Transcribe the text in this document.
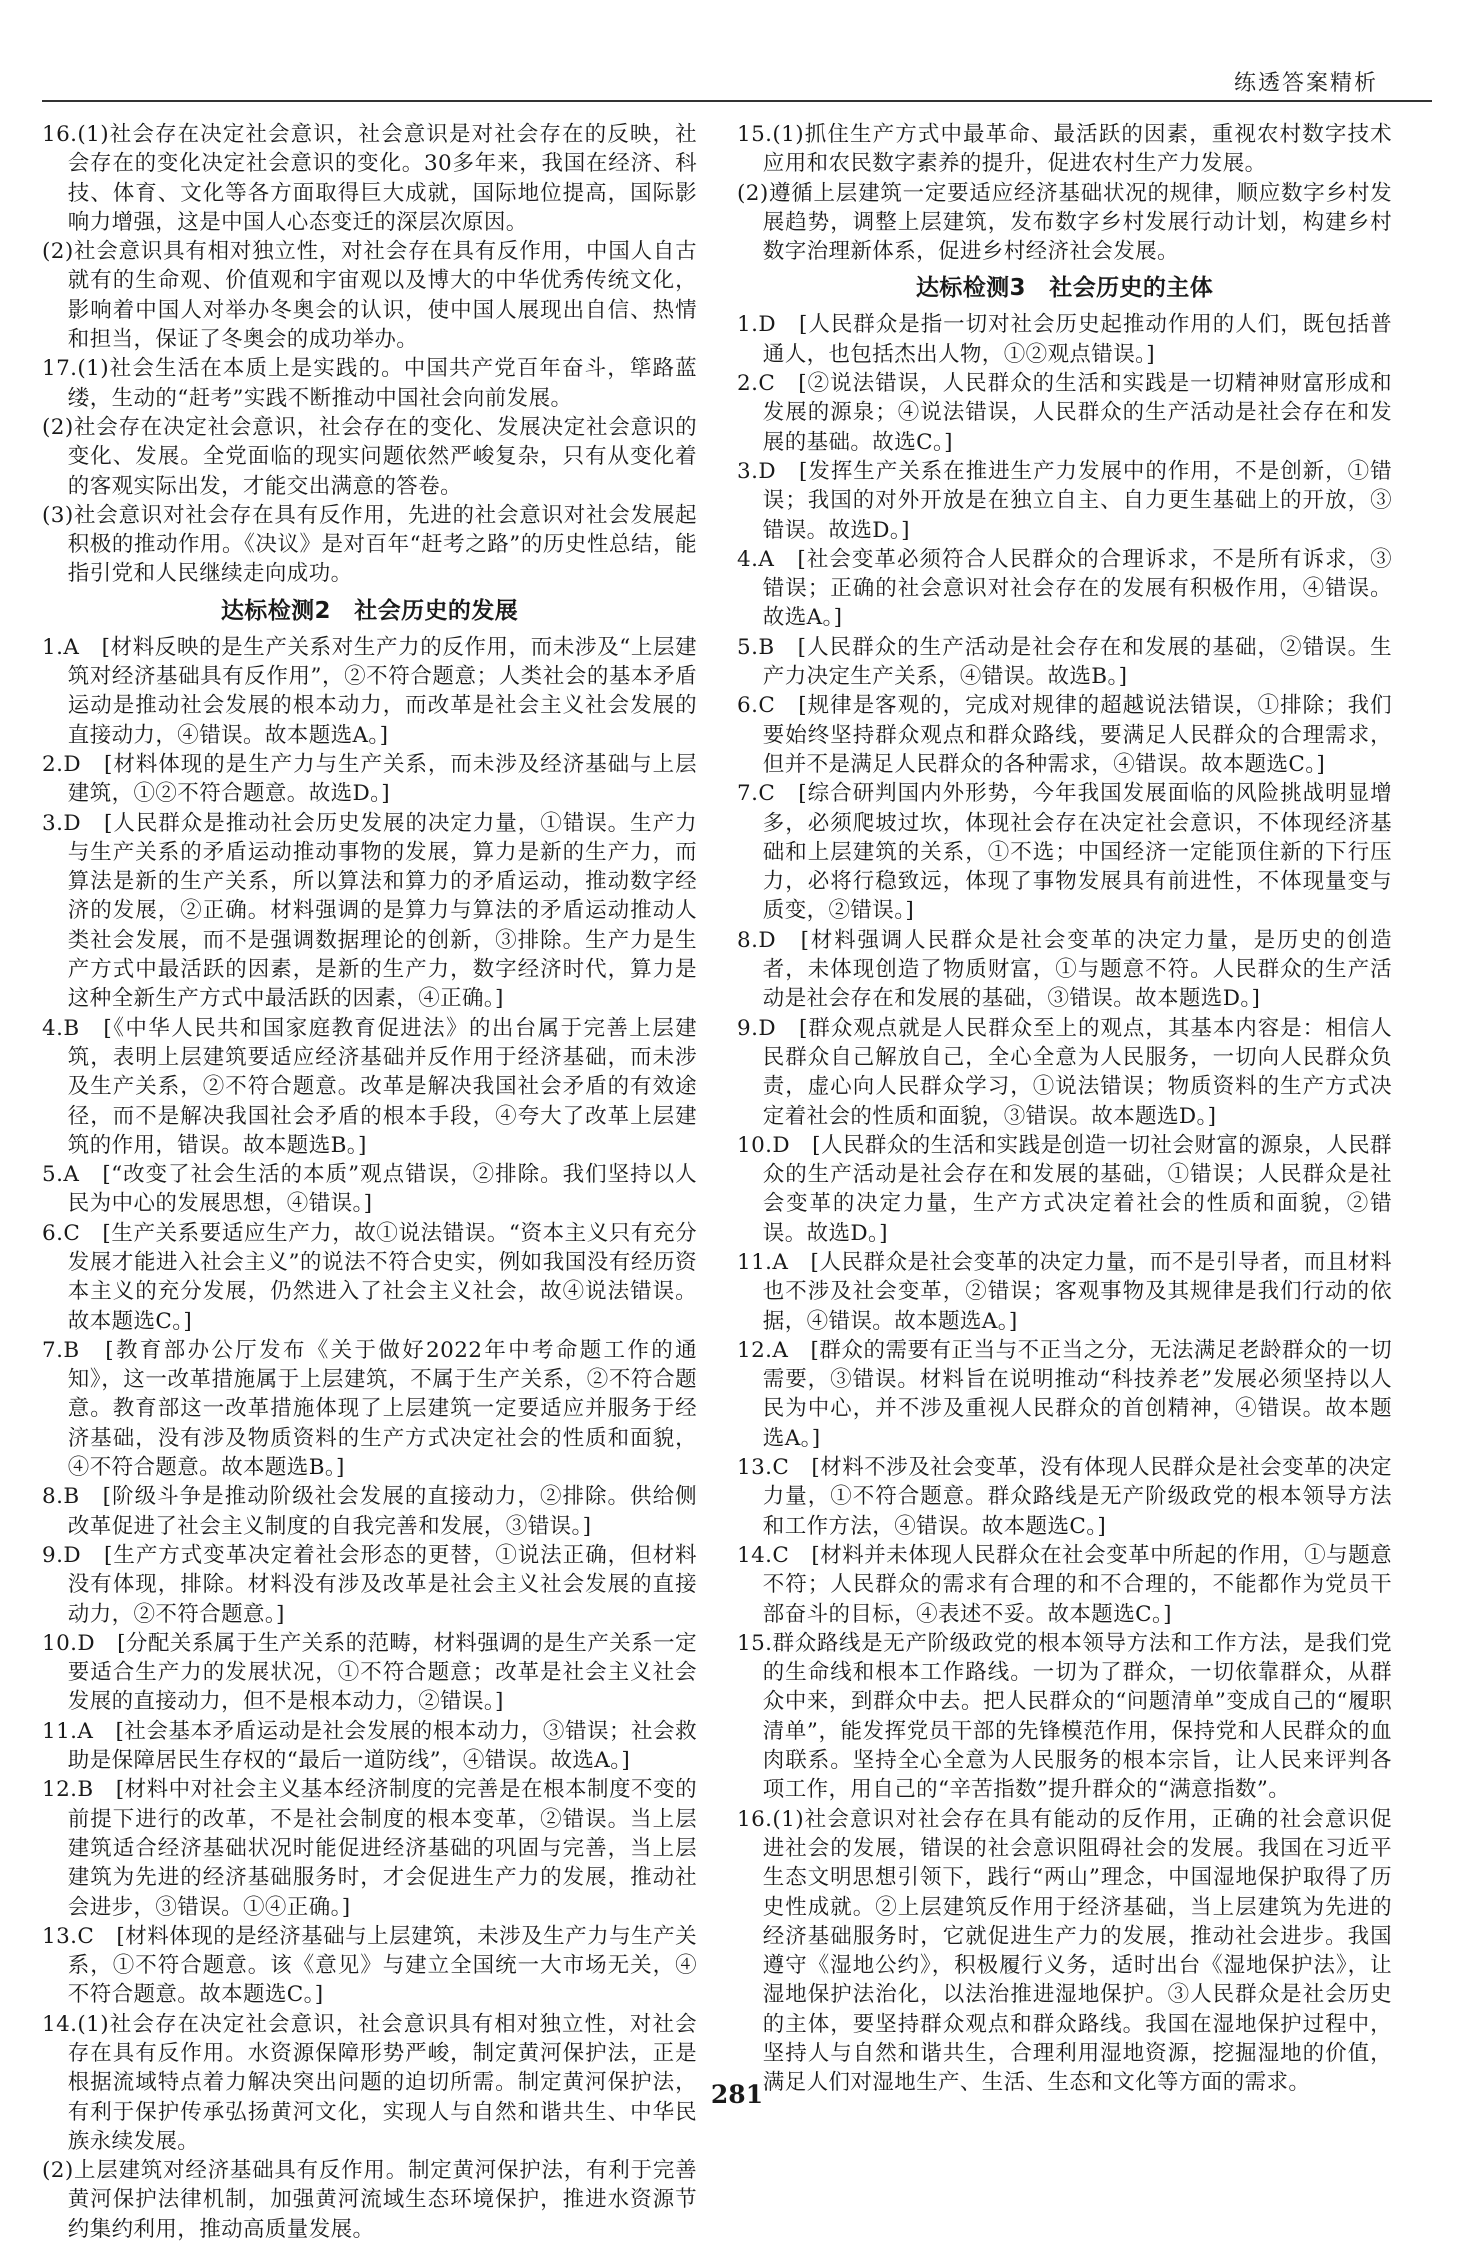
练透答案精析

16.(1)社会存在决定社会意识，社会意识是对社会存在的反映，社会存在的变化决定社会意识的变化。30多年来，我国在经济、科技、体育、文化等各方面取得巨大成就，国际地位提高，国际影响力增强，这是中国人心态变迁的深层次原因。

(2)社会意识具有相对独立性，对社会存在具有反作用，中国人自古就有的生命观、价值观和宇宙观以及博大的中华优秀传统文化，影响着中国人对举办冬奥会的认识，使中国人展现出自信、热情和担当，保证了冬奥会的成功举办。

17.(1)社会生活在本质上是实践的。中国共产党百年奋斗，筚路蓝缕，生动的“赶考”实践不断推动中国社会向前发展。

(2)社会存在决定社会意识，社会存在的变化、发展决定社会意识的变化、发展。全党面临的现实问题依然严峻复杂，只有从变化着的客观实际出发，才能交出满意的答卷。

(3)社会意识对社会存在具有反作用，先进的社会意识对社会发展起积极的推动作用。《决议》是对百年“赶考之路”的历史性总结，能指引党和人民继续走向成功。

达标检测2　社会历史的发展

1.A　[材料反映的是生产关系对生产力的反作用，而未涉及“上层建筑对经济基础具有反作用”，②不符合题意；人类社会的基本矛盾运动是推动社会发展的根本动力，而改革是社会主义社会发展的直接动力，④错误。故本题选A。]

2.D　[材料体现的是生产力与生产关系，而未涉及经济基础与上层建筑，①②不符合题意。故选D。]

3.D　[人民群众是推动社会历史发展的决定力量，①错误。生产力与生产关系的矛盾运动推动事物的发展，算力是新的生产力，而算法是新的生产关系，所以算法和算力的矛盾运动，推动数字经济的发展，②正确。材料强调的是算力与算法的矛盾运动推动人类社会发展，而不是强调数据理论的创新，③排除。生产力是生产方式中最活跃的因素，是新的生产力，数字经济时代，算力是这种全新生产方式中最活跃的因素，④正确。]

4.B　[《中华人民共和国家庭教育促进法》的出台属于完善上层建筑，表明上层建筑要适应经济基础并反作用于经济基础，而未涉及生产关系，②不符合题意。改革是解决我国社会矛盾的有效途径，而不是解决我国社会矛盾的根本手段，④夸大了改革上层建筑的作用，错误。故本题选B。]

5.A　[“改变了社会生活的本质”观点错误，②排除。我们坚持以人民为中心的发展思想，④错误。]

6.C　[生产关系要适应生产力，故①说法错误。“资本主义只有充分发展才能进入社会主义”的说法不符合史实，例如我国没有经历资本主义的充分发展，仍然进入了社会主义社会，故④说法错误。故本题选C。]

7.B　[教育部办公厅发布《关于做好2022年中考命题工作的通知》，这一改革措施属于上层建筑，不属于生产关系，②不符合题意。教育部这一改革措施体现了上层建筑一定要适应并服务于经济基础，没有涉及物质资料的生产方式决定社会的性质和面貌，④不符合题意。故本题选B。]

8.B　[阶级斗争是推动阶级社会发展的直接动力，②排除。供给侧改革促进了社会主义制度的自我完善和发展，③错误。]

9.D　[生产方式变革决定着社会形态的更替，①说法正确，但材料没有体现，排除。材料没有涉及改革是社会主义社会发展的直接动力，②不符合题意。]

10.D　[分配关系属于生产关系的范畴，材料强调的是生产关系一定要适合生产力的发展状况，①不符合题意；改革是社会主义社会发展的直接动力，但不是根本动力，②错误。]

11.A　[社会基本矛盾运动是社会发展的根本动力，③错误；社会救助是保障居民生存权的“最后一道防线”，④错误。故选A。]

12.B　[材料中对社会主义基本经济制度的完善是在根本制度不变的前提下进行的改革，不是社会制度的根本变革，②错误。当上层建筑适合经济基础状况时能促进经济基础的巩固与完善，当上层建筑为先进的经济基础服务时，才会促进生产力的发展，推动社会进步，③错误。①④正确。]

13.C　[材料体现的是经济基础与上层建筑，未涉及生产力与生产关系，①不符合题意。该《意见》与建立全国统一大市场无关，④不符合题意。故本题选C。]

14.(1)社会存在决定社会意识，社会意识具有相对独立性，对社会存在具有反作用。水资源保障形势严峻，制定黄河保护法，正是根据流域特点着力解决突出问题的迫切所需。制定黄河保护法，有利于保护传承弘扬黄河文化，实现人与自然和谐共生、中华民族永续发展。

(2)上层建筑对经济基础具有反作用。制定黄河保护法，有利于完善黄河保护法律机制，加强黄河流域生态环境保护，推进水资源节约集约利用，推动高质量发展。

15.(1)抓住生产方式中最革命、最活跃的因素，重视农村数字技术应用和农民数字素养的提升，促进农村生产力发展。

(2)遵循上层建筑一定要适应经济基础状况的规律，顺应数字乡村发展趋势，调整上层建筑，发布数字乡村发展行动计划，构建乡村数字治理新体系，促进乡村经济社会发展。

达标检测3　社会历史的主体

1.D　[人民群众是指一切对社会历史起推动作用的人们，既包括普通人，也包括杰出人物，①②观点错误。]

2.C　[②说法错误，人民群众的生活和实践是一切精神财富形成和发展的源泉；④说法错误，人民群众的生产活动是社会存在和发展的基础。故选C。]

3.D　[发挥生产关系在推进生产力发展中的作用，不是创新，①错误；我国的对外开放是在独立自主、自力更生基础上的开放，③错误。故选D。]

4.A　[社会变革必须符合人民群众的合理诉求，不是所有诉求，③错误；正确的社会意识对社会存在的发展有积极作用，④错误。故选A。]

5.B　[人民群众的生产活动是社会存在和发展的基础，②错误。生产力决定生产关系，④错误。故选B。]

6.C　[规律是客观的，完成对规律的超越说法错误，①排除；我们要始终坚持群众观点和群众路线，要满足人民群众的合理需求，但并不是满足人民群众的各种需求，④错误。故本题选C。]

7.C　[综合研判国内外形势，今年我国发展面临的风险挑战明显增多，必须爬坡过坎，体现社会存在决定社会意识，不体现经济基础和上层建筑的关系，①不选；中国经济一定能顶住新的下行压力，必将行稳致远，体现了事物发展具有前进性，不体现量变与质变，②错误。]

8.D　[材料强调人民群众是社会变革的决定力量，是历史的创造者，未体现创造了物质财富，①与题意不符。人民群众的生产活动是社会存在和发展的基础，③错误。故本题选D。]

9.D　[群众观点就是人民群众至上的观点，其基本内容是：相信人民群众自己解放自己，全心全意为人民服务，一切向人民群众负责，虚心向人民群众学习，①说法错误；物质资料的生产方式决定着社会的性质和面貌，③错误。故本题选D。]

10.D　[人民群众的生活和实践是创造一切社会财富的源泉，人民群众的生产活动是社会存在和发展的基础，①错误；人民群众是社会变革的决定力量，生产方式决定着社会的性质和面貌，②错误。故选D。]

11.A　[人民群众是社会变革的决定力量，而不是引导者，而且材料也不涉及社会变革，②错误；客观事物及其规律是我们行动的依据，④错误。故本题选A。]

12.A　[群众的需要有正当与不正当之分，无法满足老龄群众的一切需要，③错误。材料旨在说明推动“科技养老”发展必须坚持以人民为中心，并不涉及重视人民群众的首创精神，④错误。故本题选A。]

13.C　[材料不涉及社会变革，没有体现人民群众是社会变革的决定力量，①不符合题意。群众路线是无产阶级政党的根本领导方法和工作方法，④错误。故本题选C。]

14.C　[材料并未体现人民群众在社会变革中所起的作用，①与题意不符；人民群众的需求有合理的和不合理的，不能都作为党员干部奋斗的目标，④表述不妥。故本题选C。]

15.群众路线是无产阶级政党的根本领导方法和工作方法，是我们党的生命线和根本工作路线。一切为了群众，一切依靠群众，从群众中来，到群众中去。把人民群众的“问题清单”变成自己的“履职清单”，能发挥党员干部的先锋模范作用，保持党和人民群众的血肉联系。坚持全心全意为人民服务的根本宗旨，让人民来评判各项工作，用自己的“辛苦指数”提升群众的“满意指数”。

16.(1)社会意识对社会存在具有能动的反作用，正确的社会意识促进社会的发展，错误的社会意识阻碍社会的发展。我国在习近平生态文明思想引领下，践行“两山”理念，中国湿地保护取得了历史性成就。②上层建筑反作用于经济基础，当上层建筑为先进的经济基础服务时，它就促进生产力的发展，推动社会进步。我国遵守《湿地公约》，积极履行义务，适时出台《湿地保护法》，让湿地保护法治化，以法治推进湿地保护。③人民群众是社会历史的主体，要坚持群众观点和群众路线。我国在湿地保护过程中，坚持人与自然和谐共生，合理利用湿地资源，挖掘湿地的价值，满足人们对湿地生产、生活、生态和文化等方面的需求。

281
